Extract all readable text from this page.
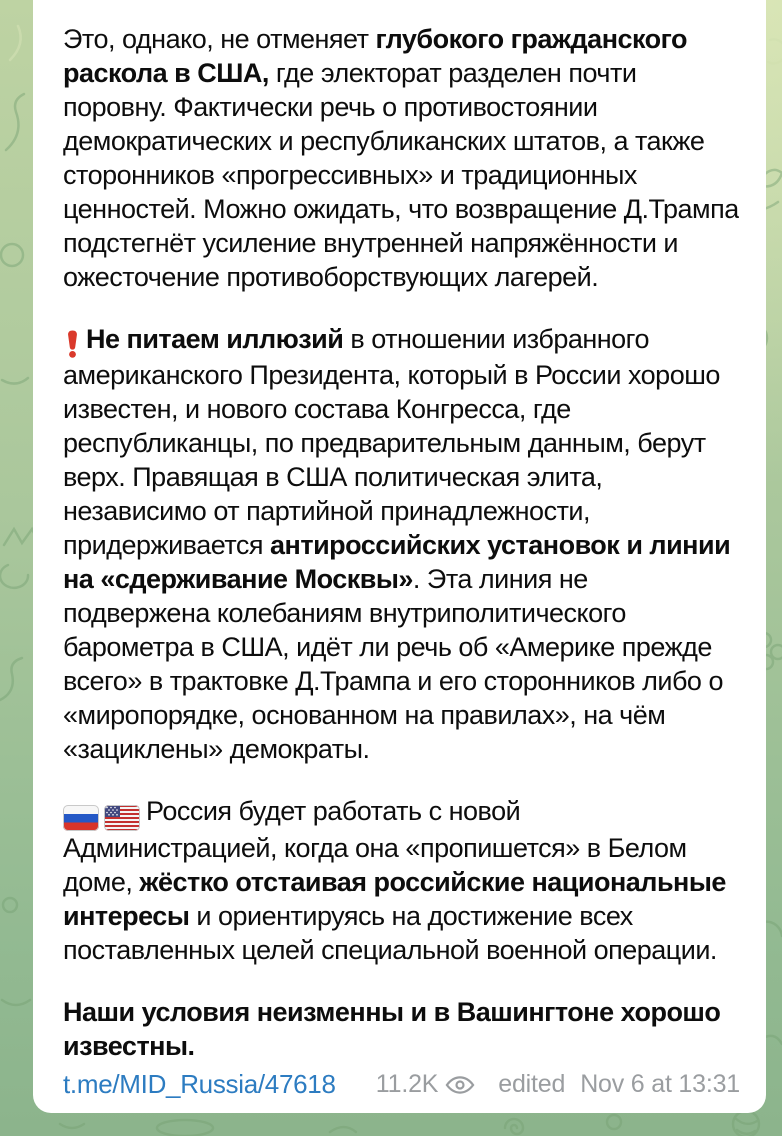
Это, однако, не отменяет глубокого гражданского раскола в США, где электорат разделен почти поровну. Фактически речь о противостоянии демократических и республиканских штатов, а также сторонников «прогрессивных» и традиционных ценностей. Можно ожидать, что возвращение Д.Трампа подстегнёт усиление внутренней напряжённости и ожесточение противоборствующих лагерей.

Не питаем иллюзий в отношении избранного американского Президента, который в России хорошо известен, и нового состава Конгресса, где республиканцы, по предварительным данным, берут верх. Правящая в США политическая элита, независимо от партийной принадлежности, придерживается антироссийских установок и линии на «сдерживание Москвы». Эта линия не подвержена колебаниям внутриполитического барометра в США, идёт ли речь об «Америке прежде всего» в трактовке Д.Трампа и его сторонников либо о «миропорядке, основанном на правилах», на чём «зациклены» демократы.

Россия будет работать с новой Администрацией, когда она «пропишется» в Белом доме, жёстко отстаивая российские национальные интересы и ориентируясь на достижение всех поставленных целей специальной военной операции.

Наши условия неизменны и в Вашингтоне хорошо известны.

t.me/MID_Russia/47618 11.2K edited Nov 6 at 13:31
